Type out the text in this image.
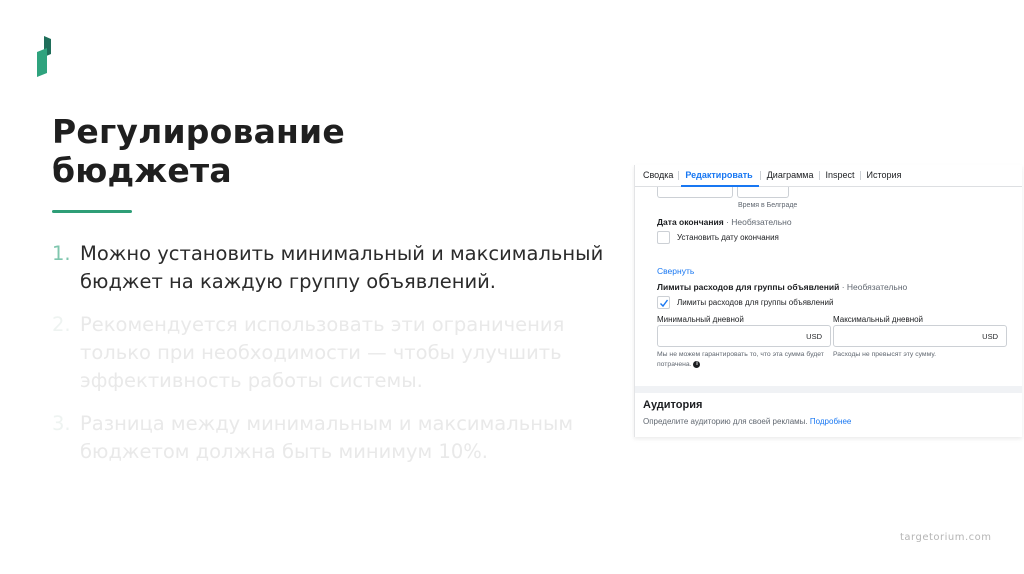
Регулирование
бюджета
1. Можно установить минимальный и максимальный бюджет на каждую группу объявлений.
2. Рекомендуется использовать эти ограничения только при необходимости — чтобы улучшить эффективность работы системы.
3. Разница между минимальным и максимальным бюджетом должна быть минимум 10%.
Сводка	Редактировать	Диаграмма	Inspect	История
Время в Белграде
Дата окончания · Необязательно
Установить дату окончания
Свернуть
Лимиты расходов для группы объявлений · Необязательно
Лимиты расходов для группы объявлений
Минимальный дневной	Максимальный дневной
USD	USD
Мы не можем гарантировать то, что эта сумма будет потрачена. i
Расходы не превысят эту сумму.
Аудитория
Определите аудиторию для своей рекламы. Подробнее
targetorium.com
